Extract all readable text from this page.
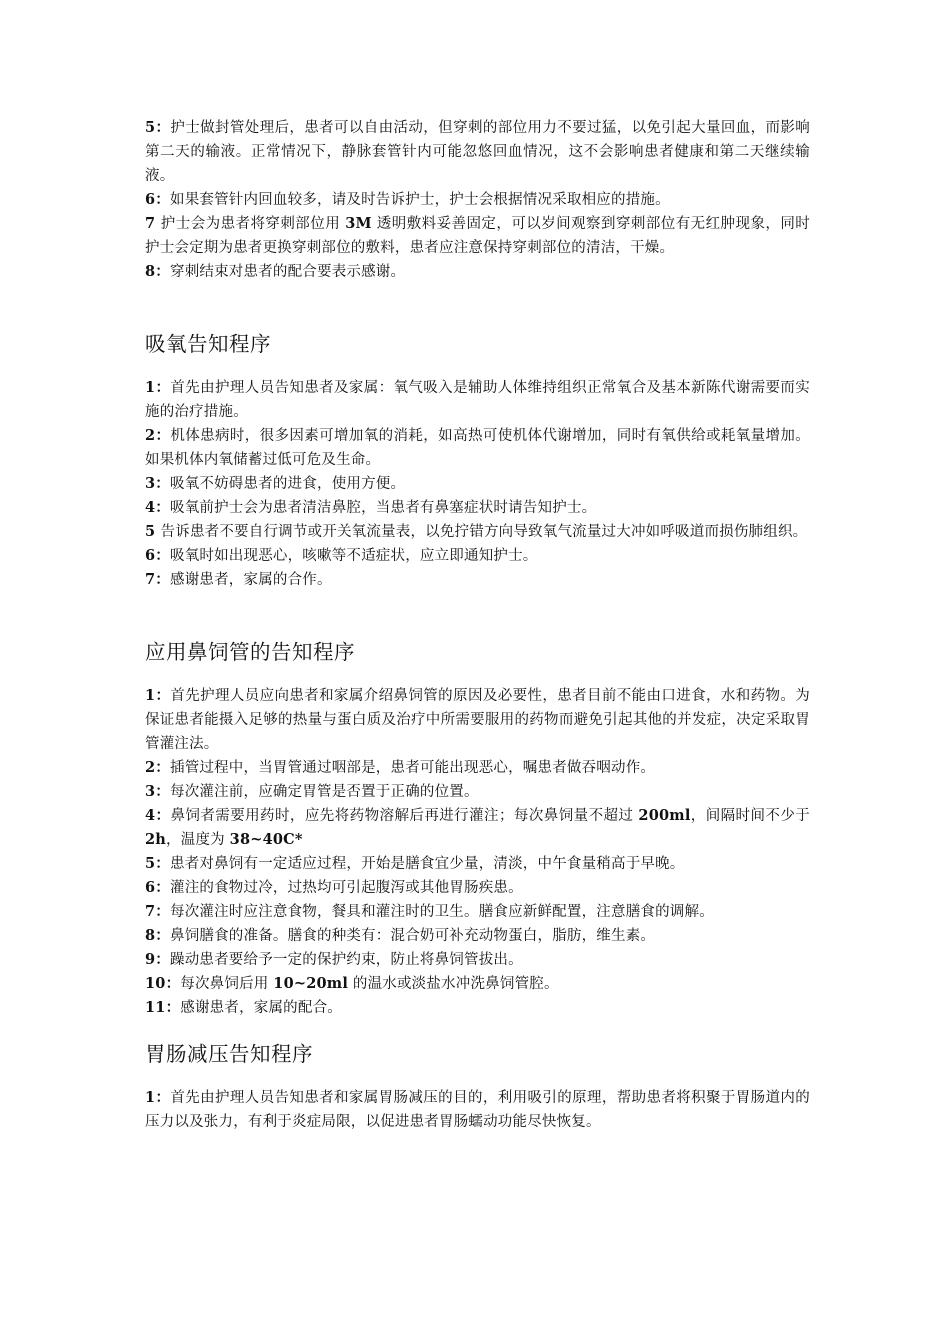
5：护士做封管处理后，患者可以自由活动，但穿刺的部位用力不要过猛，以免引起大量回血，而影响第二天的输液。正常情况下，静脉套管针内可能忽悠回血情况，这不会影响患者健康和第二天继续输液。

6：如果套管针内回血较多，请及时告诉护士，护士会根据情况采取相应的措施。

7 护士会为患者将穿刺部位用 3M 透明敷料妥善固定，可以岁间观察到穿刺部位有无红肿现象，同时护士会定期为患者更换穿刺部位的敷料，患者应注意保持穿刺部位的清洁，干燥。

8：穿刺结束对患者的配合要表示感谢。

吸氧告知程序

1：首先由护理人员告知患者及家属：氧气吸入是辅助人体维持组织正常氧合及基本新陈代谢需要而实施的治疗措施。

2：机体患病时，很多因素可增加氧的消耗，如高热可使机体代谢增加，同时有氧供给或耗氧量增加。如果机体内氧储蓄过低可危及生命。

3：吸氧不妨碍患者的进食，使用方便。

4：吸氧前护士会为患者清洁鼻腔，当患者有鼻塞症状时请告知护士。

5 告诉患者不要自行调节或开关氧流量表，以免拧错方向导致氧气流量过大冲如呼吸道而损伤肺组织。

6：吸氧时如出现恶心，咳嗽等不适症状，应立即通知护士。

7：感谢患者，家属的合作。

应用鼻饲管的告知程序

1：首先护理人员应向患者和家属介绍鼻饲管的原因及必要性，患者目前不能由口进食，水和药物。为保证患者能摄入足够的热量与蛋白质及治疗中所需要服用的药物而避免引起其他的并发症，决定采取胃管灌注法。

2：插管过程中，当胃管通过咽部是，患者可能出现恶心，嘱患者做吞咽动作。

3：每次灌注前，应确定胃管是否置于正确的位置。

4：鼻饲者需要用药时，应先将药物溶解后再进行灌注；每次鼻饲量不超过 200ml，间隔时间不少于 2h，温度为 38~40C*

5：患者对鼻饲有一定适应过程，开始是膳食宜少量，清淡，中午食量稍高于早晚。

6：灌注的食物过冷，过热均可引起腹泻或其他胃肠疾患。

7：每次灌注时应注意食物，餐具和灌注时的卫生。膳食应新鲜配置，注意膳食的调解。

8：鼻饲膳食的准备。膳食的种类有：混合奶可补充动物蛋白，脂肪，维生素。

9：躁动患者要给予一定的保护约束，防止将鼻饲管拔出。

10：每次鼻饲后用 10~20ml 的温水或淡盐水冲洗鼻饲管腔。

11：感谢患者，家属的配合。

胃肠减压告知程序

1：首先由护理人员告知患者和家属胃肠减压的目的，利用吸引的原理，帮助患者将积聚于胃肠道内的压力以及张力，有利于炎症局限，以促进患者胃肠蠕动功能尽快恢复。
